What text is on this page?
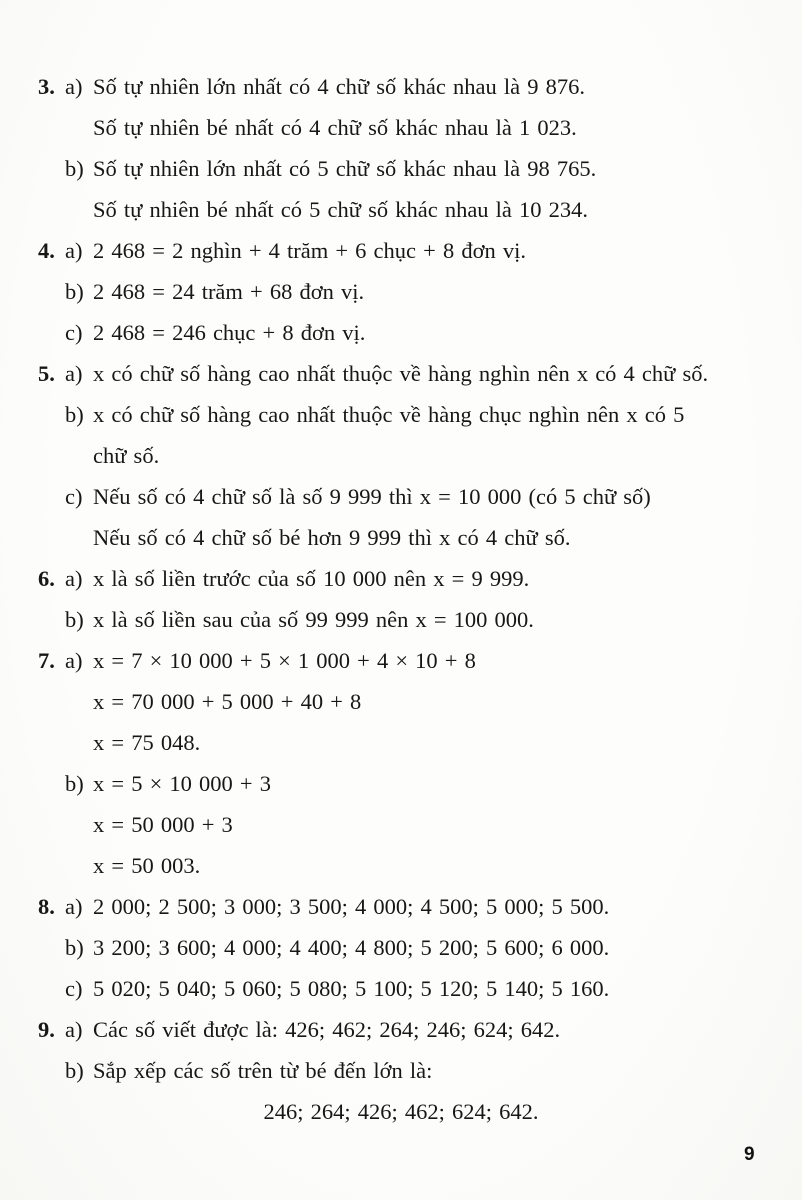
3. a) Số tự nhiên lớn nhất có 4 chữ số khác nhau là 9 876.
Số tự nhiên bé nhất có 4 chữ số khác nhau là 1 023.
b) Số tự nhiên lớn nhất có 5 chữ số khác nhau là 98 765.
Số tự nhiên bé nhất có 5 chữ số khác nhau là 10 234.
4. a) 2 468 = 2 nghìn + 4 trăm + 6 chục + 8 đơn vị.
b) 2 468 = 24 trăm + 68 đơn vị.
c) 2 468 = 246 chục + 8 đơn vị.
5. a) x có chữ số hàng cao nhất thuộc về hàng nghìn nên x có 4 chữ số.
b) x có chữ số hàng cao nhất thuộc về hàng chục nghìn nên x có 5
chữ số.
c) Nếu số có 4 chữ số là số 9 999 thì x = 10 000 (có 5 chữ số)
Nếu số có 4 chữ số bé hơn 9 999 thì x có 4 chữ số.
6. a) x là số liền trước của số 10 000 nên x = 9 999.
b) x là số liền sau của số 99 999 nên x = 100 000.
7. a) x = 7 × 10 000 + 5 × 1 000 + 4 × 10 + 8
x = 70 000 + 5 000 + 40 + 8
x = 75 048.
b) x = 5 × 10 000 + 3
x = 50 000 + 3
x = 50 003.
8. a) 2 000; 2 500; 3 000; 3 500; 4 000; 4 500; 5 000; 5 500.
b) 3 200; 3 600; 4 000; 4 400; 4 800; 5 200; 5 600; 6 000.
c) 5 020; 5 040; 5 060; 5 080; 5 100; 5 120; 5 140; 5 160.
9. a) Các số viết được là: 426; 462; 264; 246; 624; 642.
b) Sắp xếp các số trên từ bé đến lớn là:
246; 264; 426; 462; 624; 642.
9
